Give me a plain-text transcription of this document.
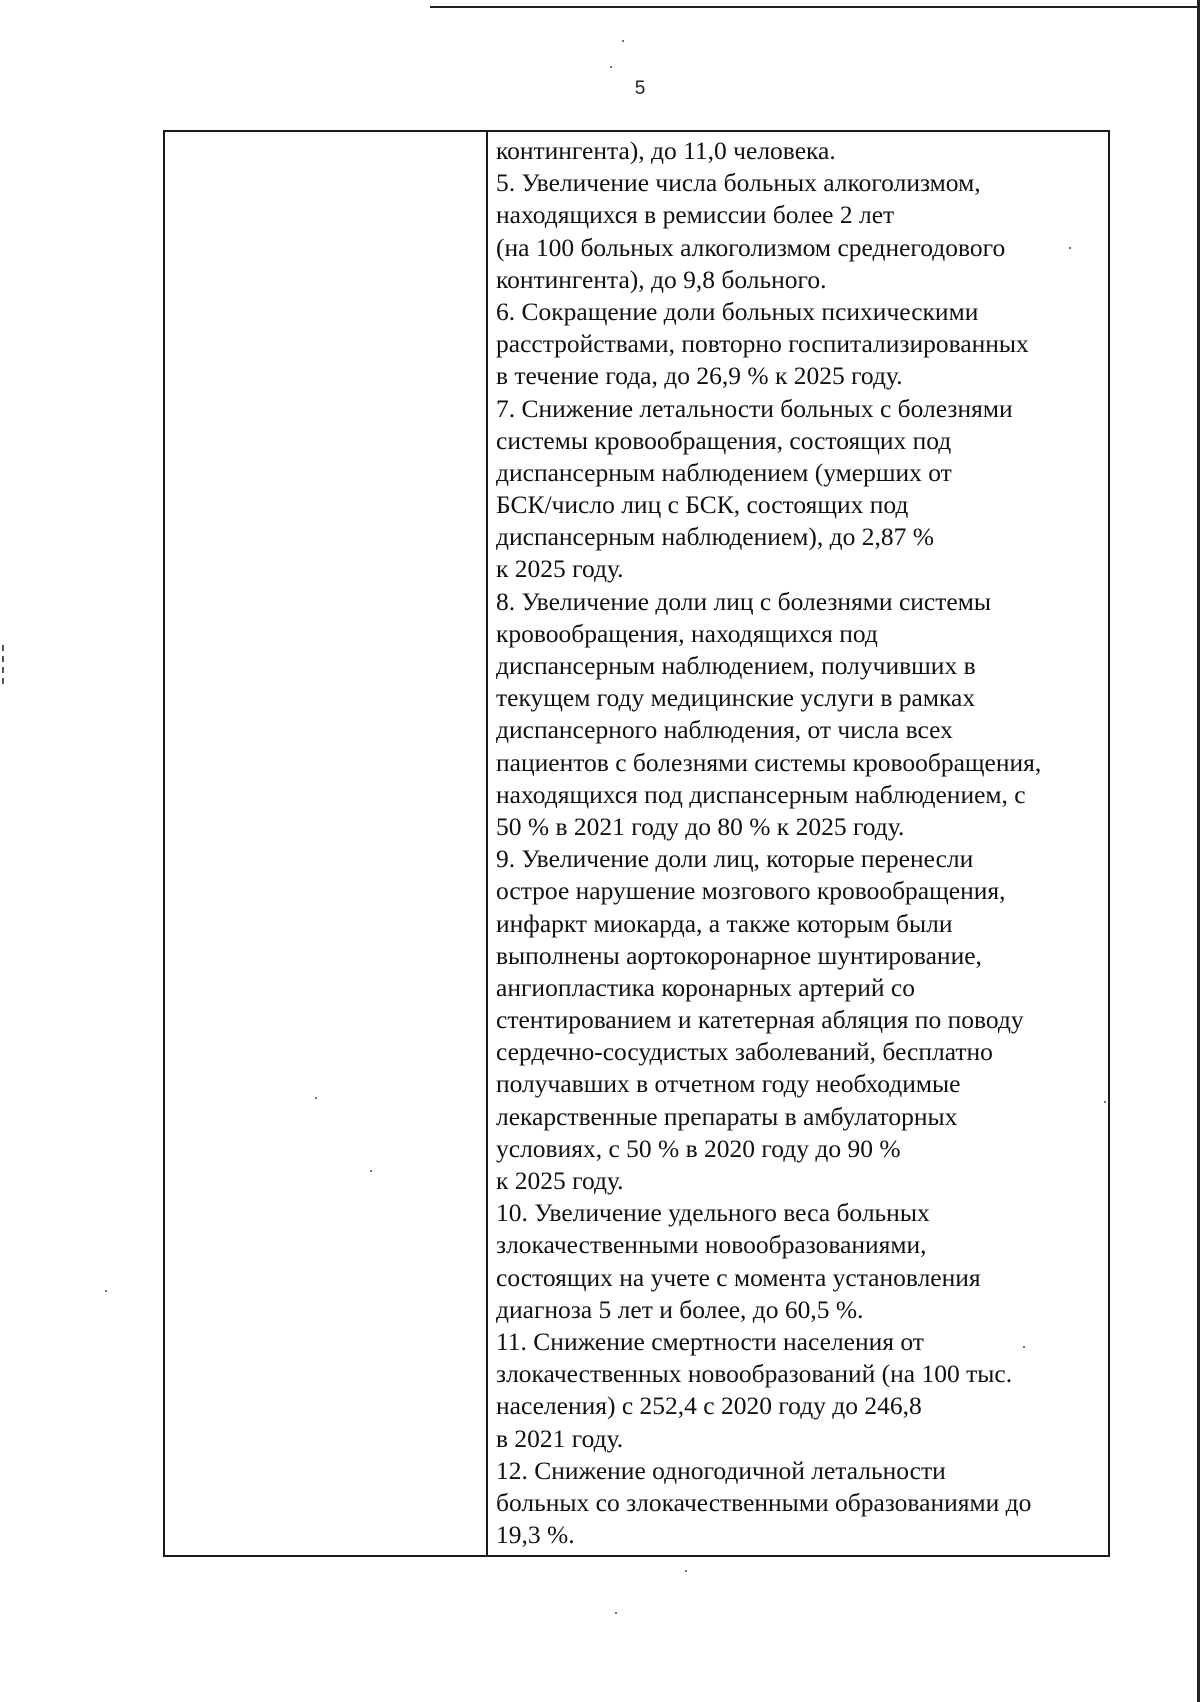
5
контингента), до 11,0 человека.
5. Увеличение числа больных алкоголизмом,
находящихся в ремиссии более 2 лет
(на 100 больных алкоголизмом среднегодового
контингента), до 9,8 больного.
6. Сокращение доли больных психическими
расстройствами, повторно госпитализированных
в течение года, до 26,9 % к 2025 году.
7. Снижение летальности больных с болезнями
системы кровообращения, состоящих под
диспансерным наблюдением (умерших от
БСК/число лиц с БСК, состоящих под
диспансерным наблюдением), до 2,87 %
к 2025 году.
8. Увеличение доли лиц с болезнями системы
кровообращения, находящихся под
диспансерным наблюдением, получивших в
текущем году медицинские услуги в рамках
диспансерного наблюдения, от числа всех
пациентов с болезнями системы кровообращения,
находящихся под диспансерным наблюдением, с
50 % в 2021 году до 80 % к 2025 году.
9. Увеличение доли лиц, которые перенесли
острое нарушение мозгового кровообращения,
инфаркт миокарда, а также которым были
выполнены аортокоронарное шунтирование,
ангиопластика коронарных артерий со
стентированием и катетерная абляция по поводу
сердечно-сосудистых заболеваний, бесплатно
получавших в отчетном году необходимые
лекарственные препараты в амбулаторных
условиях, с 50 % в 2020 году до 90 %
к 2025 году.
10. Увеличение удельного веса больных
злокачественными новообразованиями,
состоящих на учете с момента установления
диагноза 5 лет и более, до 60,5 %.
11. Снижение смертности населения от
злокачественных новообразований (на 100 тыс.
населения) с 252,4 с 2020 году до 246,8
в 2021 году.
12. Снижение одногодичной летальности
больных со злокачественными образованиями до
19,3 %.
